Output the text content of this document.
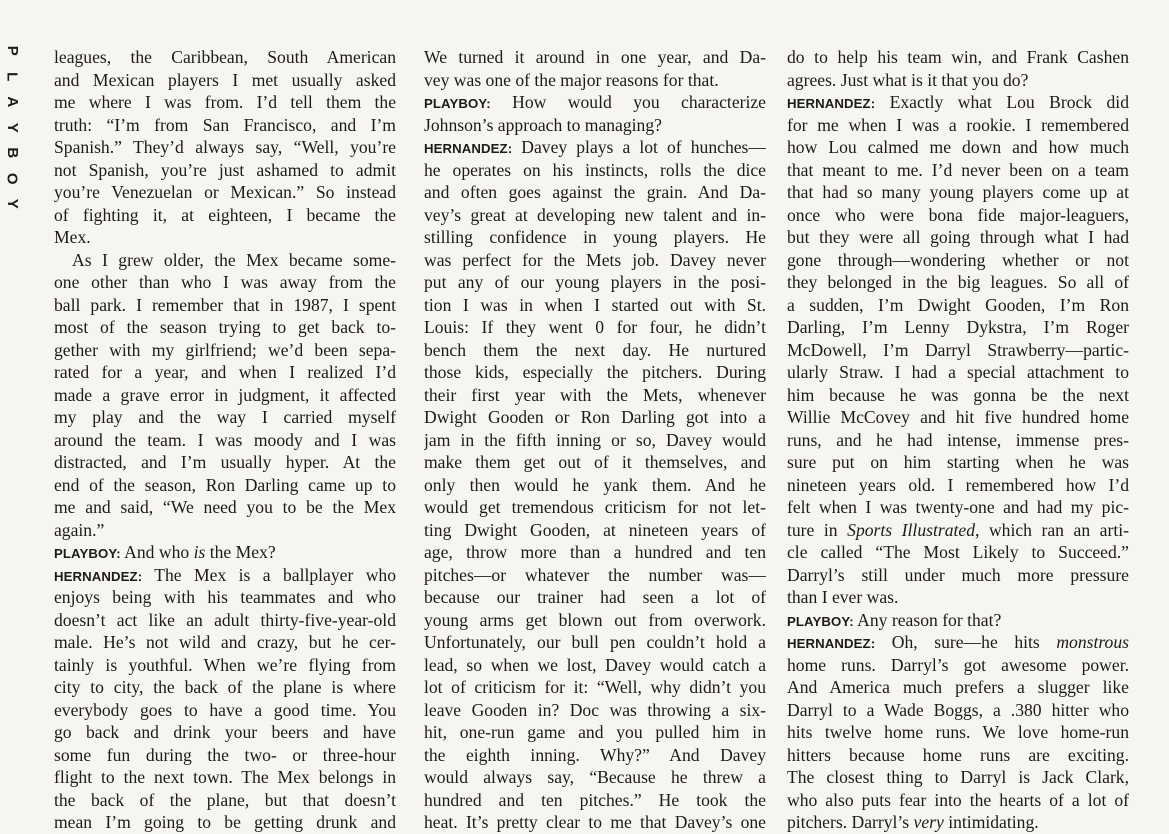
P
L
A
Y
B
O
Y
leagues, the Caribbean, South American
and Mexican players I met usually asked
me where I was from. I’d tell them the
truth: “I’m from San Francisco, and I’m
Spanish.” They’d always say, “Well, you’re
not Spanish, you’re just ashamed to admit
you’re Venezuelan or Mexican.” So instead
of fighting it, at eighteen, I became the
Mex.
As I grew older, the Mex became some-
one other than who I was away from the
ball park. I remember that in 1987, I spent
most of the season trying to get back to-
gether with my girlfriend; we’d been sepa-
rated for a year, and when I realized I’d
made a grave error in judgment, it affected
my play and the way I carried myself
around the team. I was moody and I was
distracted, and I’m usually hyper. At the
end of the season, Ron Darling came up to
me and said, “We need you to be the Mex
again.”
PLAYBOY: And who is the Mex?
HERNANDEZ: The Mex is a ballplayer who
enjoys being with his teammates and who
doesn’t act like an adult thirty-five-year-old
male. He’s not wild and crazy, but he cer-
tainly is youthful. When we’re flying from
city to city, the back of the plane is where
everybody goes to have a good time. You
go back and drink your beers and have
some fun during the two- or three-hour
flight to the next town. The Mex belongs in
the back of the plane, but that doesn’t
mean I’m going to be getting drunk and
We turned it around in one year, and Da-
vey was one of the major reasons for that.
PLAYBOY: How would you characterize
Johnson’s approach to managing?
HERNANDEZ: Davey plays a lot of hunches—
he operates on his instincts, rolls the dice
and often goes against the grain. And Da-
vey’s great at developing new talent and in-
stilling confidence in young players. He
was perfect for the Mets job. Davey never
put any of our young players in the posi-
tion I was in when I started out with St.
Louis: If they went 0 for four, he didn’t
bench them the next day. He nurtured
those kids, especially the pitchers. During
their first year with the Mets, whenever
Dwight Gooden or Ron Darling got into a
jam in the fifth inning or so, Davey would
make them get out of it themselves, and
only then would he yank them. And he
would get tremendous criticism for not let-
ting Dwight Gooden, at nineteen years of
age, throw more than a hundred and ten
pitches—or whatever the number was—
because our trainer had seen a lot of
young arms get blown out from overwork.
Unfortunately, our bull pen couldn’t hold a
lead, so when we lost, Davey would catch a
lot of criticism for it: “Well, why didn’t you
leave Gooden in? Doc was throwing a six-
hit, one-run game and you pulled him in
the eighth inning. Why?” And Davey
would always say, “Because he threw a
hundred and ten pitches.” He took the
heat. It’s pretty clear to me that Davey’s one
do to help his team win, and Frank Cashen
agrees. Just what is it that you do?
HERNANDEZ: Exactly what Lou Brock did
for me when I was a rookie. I remembered
how Lou calmed me down and how much
that meant to me. I’d never been on a team
that had so many young players come up at
once who were bona fide major-leaguers,
but they were all going through what I had
gone through—wondering whether or not
they belonged in the big leagues. So all of
a sudden, I’m Dwight Gooden, I’m Ron
Darling, I’m Lenny Dykstra, I’m Roger
McDowell, I’m Darryl Strawberry—partic-
ularly Straw. I had a special attachment to
him because he was gonna be the next
Willie McCovey and hit five hundred home
runs, and he had intense, immense pres-
sure put on him starting when he was
nineteen years old. I remembered how I’d
felt when I was twenty-one and had my pic-
ture in Sports Illustrated, which ran an arti-
cle called “The Most Likely to Succeed.”
Darryl’s still under much more pressure
than I ever was.
PLAYBOY: Any reason for that?
HERNANDEZ: Oh, sure—he hits monstrous
home runs. Darryl’s got awesome power.
And America much prefers a slugger like
Darryl to a Wade Boggs, a .380 hitter who
hits twelve home runs. We love home-run
hitters because home runs are exciting.
The closest thing to Darryl is Jack Clark,
who also puts fear into the hearts of a lot of
pitchers. Darryl’s very intimidating.
